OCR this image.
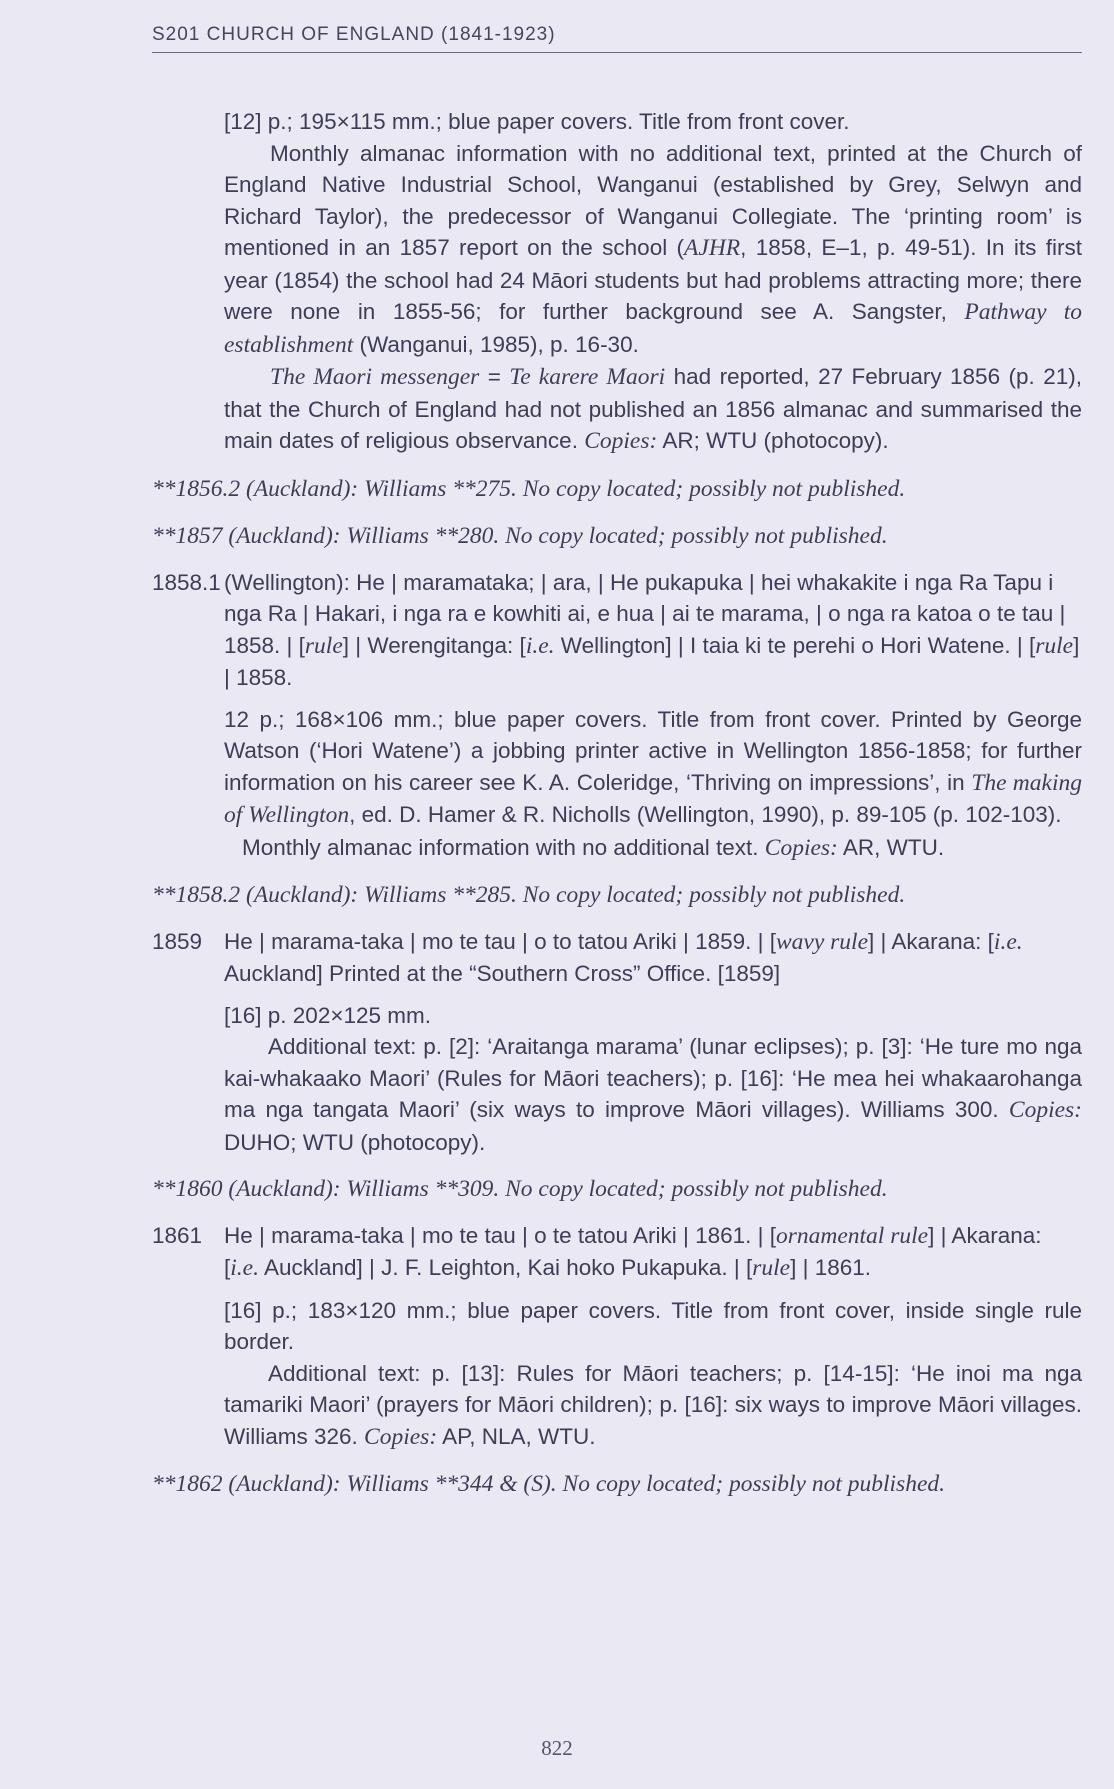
S201 CHURCH OF ENGLAND (1841-1923)

[12] p.; 195×115 mm.; blue paper covers. Title from front cover.

Monthly almanac information with no additional text, printed at the Church of England Native Industrial School, Wanganui (established by Grey, Selwyn and Richard Taylor), the predecessor of Wanganui Collegiate. The ‘printing room’ is mentioned in an 1857 report on the school (AJHR, 1858, E–1, p. 49-51). In its first year (1854) the school had 24 Māori students but had problems attracting more; there were none in 1855-56; for further background see A. Sangster, Pathway to establishment (Wanganui, 1985), p. 16-30.

The Maori messenger = Te karere Maori had reported, 27 February 1856 (p. 21), that the Church of England had not published an 1856 almanac and summarised the main dates of religious observance. Copies: AR; WTU (photocopy).

**1856.2 (Auckland): Williams **275. No copy located; possibly not published.
**1857 (Auckland): Williams **280. No copy located; possibly not published.
1858.1 (Wellington): He | maramataka; | ara, | He pukapuka | hei whakakite i nga Ra Tapu i nga Ra | Hakari, i nga ra e kowhiti ai, e hua | ai te marama, | o nga ra katoa o te tau | 1858. | [rule] | Werengitanga: [i.e. Wellington] | I taia ki te perehi o Hori Watene. | [rule] | 1858.

12 p.; 168×106 mm.; blue paper covers. Title from front cover. Printed by George Watson (‘Hori Watene’) a jobbing printer active in Wellington 1856-1858; for further information on his career see K. A. Coleridge, ‘Thriving on impressions’, in The making of Wellington, ed. D. Hamer & R. Nicholls (Wellington, 1990), p. 89-105 (p. 102-103).

Monthly almanac information with no additional text. Copies: AR, WTU.

**1858.2 (Auckland): Williams **285. No copy located; possibly not published.
1859 He | marama-taka | mo te tau | o to tatou Ariki | 1859. | [wavy rule] | Akarana: [i.e. Auckland] Printed at the “Southern Cross” Office. [1859]

[16] p. 202×125 mm.

Additional text: p. [2]: ‘Araitanga marama’ (lunar eclipses); p. [3]: ‘He ture mo nga kai-whakaako Maori’ (Rules for Māori teachers); p. [16]: ‘He mea hei whakaarohanga ma nga tangata Maori’ (six ways to improve Māori villages). Williams 300. Copies: DUHO; WTU (photocopy).

**1860 (Auckland): Williams **309. No copy located; possibly not published.
1861 He | marama-taka | mo te tau | o te tatou Ariki | 1861. | [ornamental rule] | Akarana: [i.e. Auckland] | J. F. Leighton, Kai hoko Pukapuka. | [rule] | 1861.

[16] p.; 183×120 mm.; blue paper covers. Title from front cover, inside single rule border.

Additional text: p. [13]: Rules for Māori teachers; p. [14-15]: ‘He inoi ma nga tamariki Maori’ (prayers for Māori children); p. [16]: six ways to improve Māori villages. Williams 326. Copies: AP, NLA, WTU.

**1862 (Auckland): Williams **344 & (S). No copy located; possibly not published.
822
